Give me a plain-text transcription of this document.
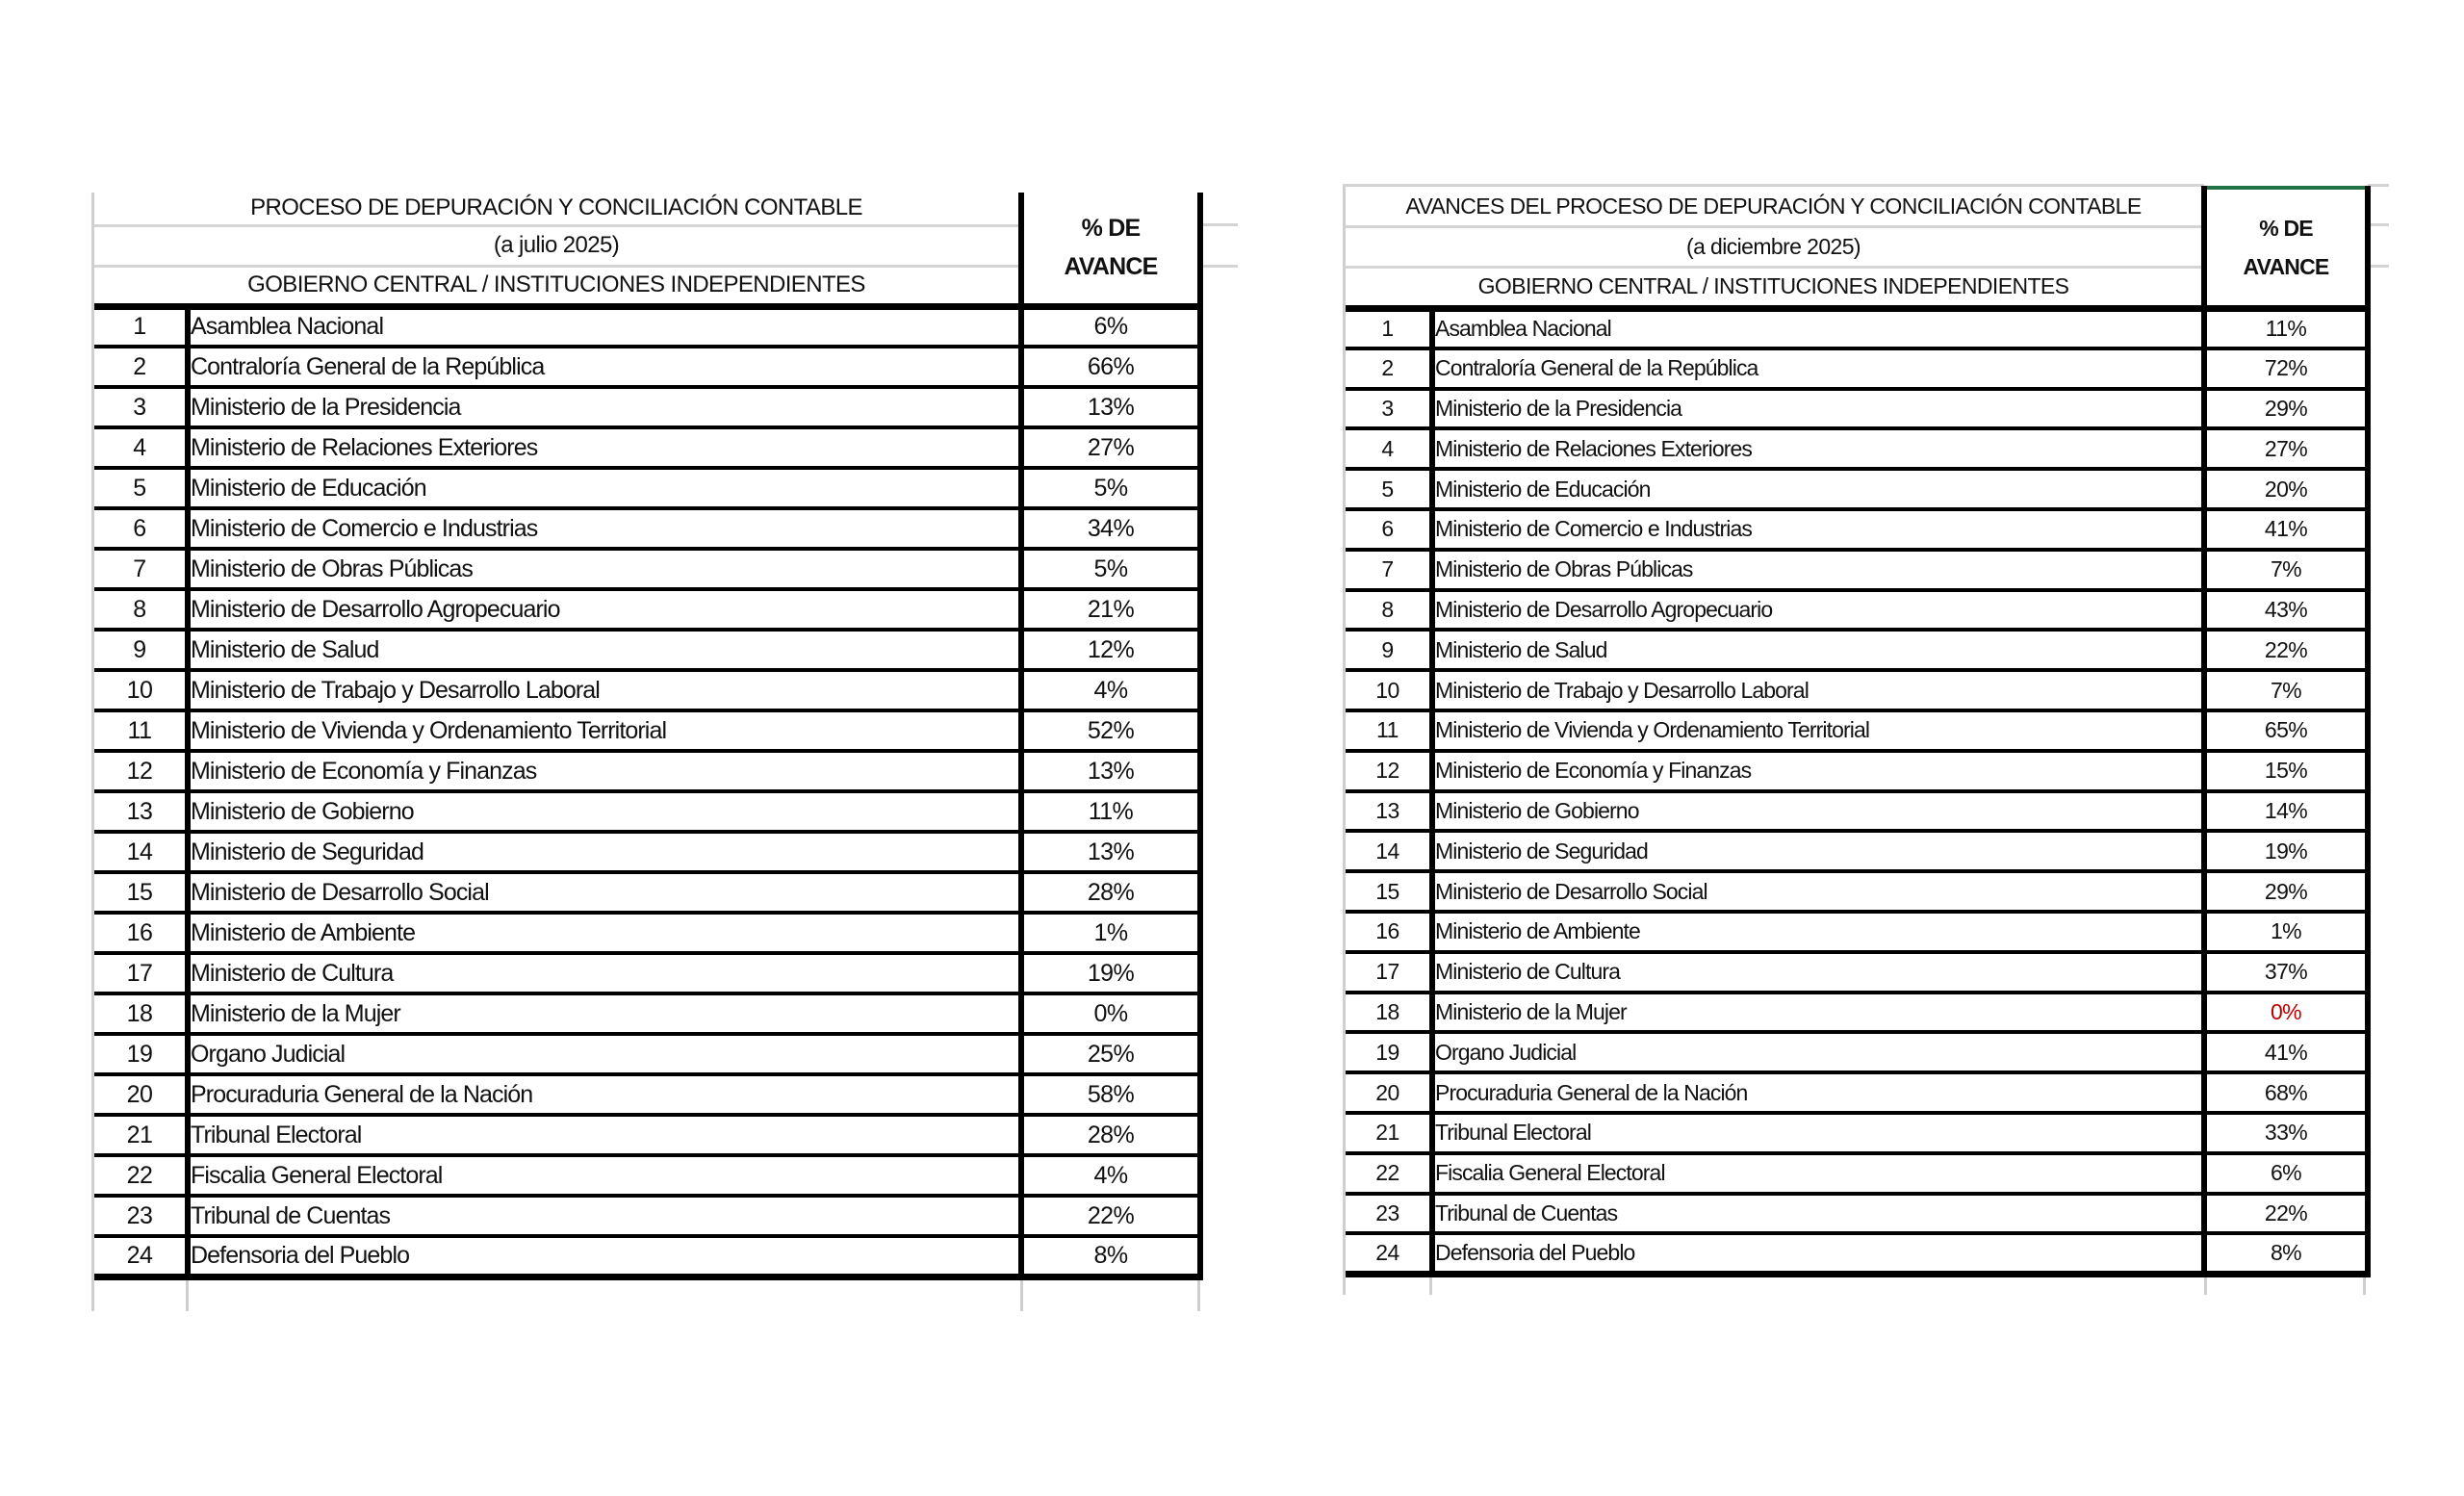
PROCESO DE DEPURACIÓN Y CONCILIACIÓN CONTABLE		% DE
AVANCE

(a julio 2025)		
GOBIERNO CENTRAL / INSTITUCIONES INDEPENDIENTES		
1	Asamblea Nacional	6%
2	Contraloría General de la República	66%
3	Ministerio de la Presidencia	13%
4	Ministerio de Relaciones Exteriores	27%
5	Ministerio de Educación	5%
6	Ministerio de Comercio e Industrias	34%
7	Ministerio de Obras Públicas	5%
8	Ministerio de Desarrollo Agropecuario	21%
9	Ministerio de Salud	12%
10	Ministerio de Trabajo y Desarrollo Laboral	4%
11	Ministerio de Vivienda y Ordenamiento Territorial	52%
12	Ministerio de Economía y Finanzas	13%
13	Ministerio de Gobierno	11%
14	Ministerio de Seguridad	13%
15	Ministerio de Desarrollo Social	28%
16	Ministerio de Ambiente	1%
17	Ministerio de Cultura	19%
18	Ministerio de la Mujer	0%
19	Organo Judicial	25%
20	Procuraduria General de la Nación	58%
21	Tribunal Electoral	28%
22	Fiscalia General Electoral	4%
23	Tribunal de Cuentas	22%
24	Defensoria del Pueblo	8%
AVANCES DEL PROCESO DE DEPURACIÓN Y CONCILIACIÓN CONTABLE		% DE
AVANCE

(a diciembre 2025)		
GOBIERNO CENTRAL / INSTITUCIONES INDEPENDIENTES		
1	Asamblea Nacional	11%
2	Contraloría General de la República	72%
3	Ministerio de la Presidencia	29%
4	Ministerio de Relaciones Exteriores	27%
5	Ministerio de Educación	20%
6	Ministerio de Comercio e Industrias	41%
7	Ministerio de Obras Públicas	7%
8	Ministerio de Desarrollo Agropecuario	43%
9	Ministerio de Salud	22%
10	Ministerio de Trabajo y Desarrollo Laboral	7%
11	Ministerio de Vivienda y Ordenamiento Territorial	65%
12	Ministerio de Economía y Finanzas	15%
13	Ministerio de Gobierno	14%
14	Ministerio de Seguridad	19%
15	Ministerio de Desarrollo Social	29%
16	Ministerio de Ambiente	1%
17	Ministerio de Cultura	37%
18	Ministerio de la Mujer	0%
19	Organo Judicial	41%
20	Procuraduria General de la Nación	68%
21	Tribunal Electoral	33%
22	Fiscalia General Electoral	6%
23	Tribunal de Cuentas	22%
24	Defensoria del Pueblo	8%
